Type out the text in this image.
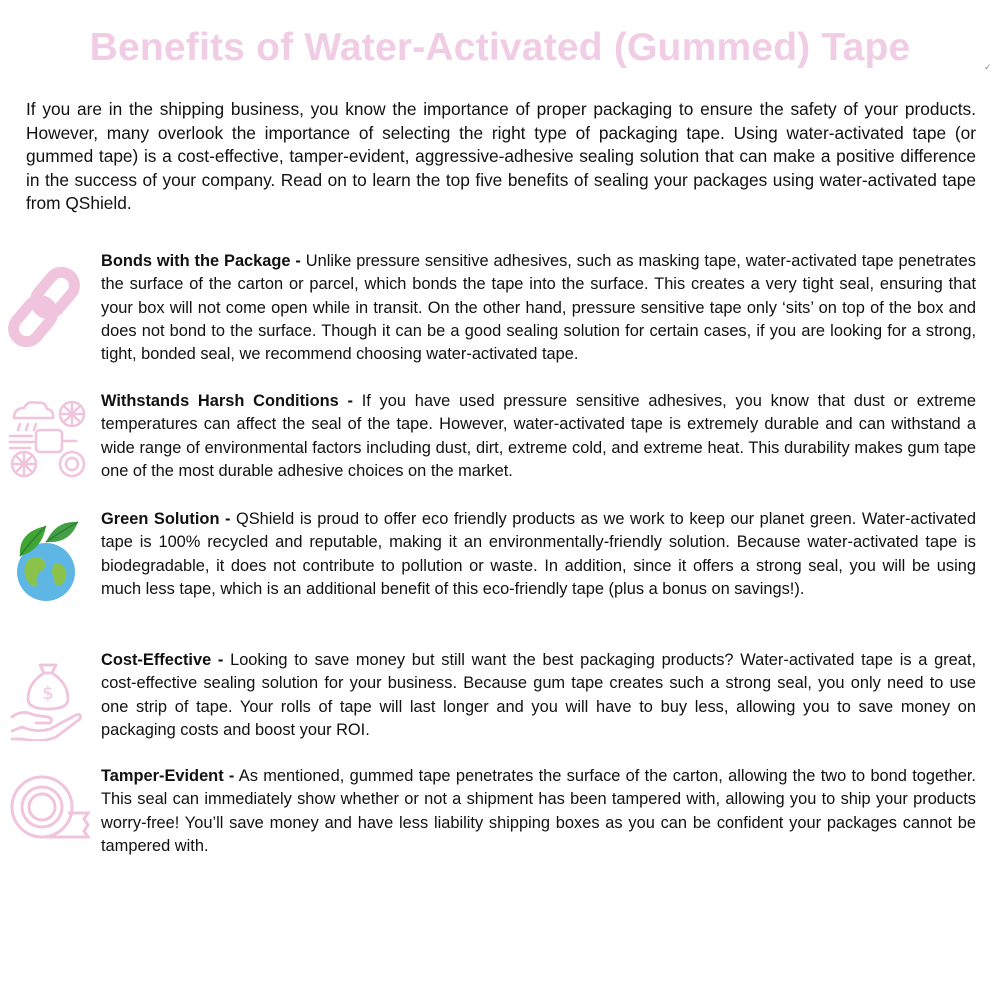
Benefits of Water-Activated (Gummed) Tape	✓

If you are in the shipping business, you know the importance of proper packaging to ensure the safety of your products. However, many overlook the importance of selecting the right type of packaging tape. Using water-activated tape (or gummed tape) is a cost-effective, tamper-evident, aggressive-adhesive sealing solution that can make a positive difference in the success of your company. Read on to learn the top five benefits of sealing your packages using water-activated tape from QShield.

Bonds with the Package - Unlike pressure sensitive adhesives, such as masking tape, water-activated tape penetrates the surface of the carton or parcel, which bonds the tape into the surface. This creates a very tight seal, ensuring that your box will not come open while in transit. On the other hand, pressure sensitive tape only ‘sits’ on top of the box and does not bond to the surface. Though it can be a good sealing solution for certain cases, if you are looking for a strong, tight, bonded seal, we recommend choosing water-activated tape.

Withstands Harsh Conditions - If you have used pressure sensitive adhesives, you know that dust or extreme temperatures can affect the seal of the tape. However, water-activated tape is extremely durable and can withstand a wide range of environmental factors including dust, dirt, extreme cold, and extreme heat. This durability makes gum tape one of the most durable adhesive choices on the market.

Green Solution - QShield is proud to offer eco friendly products as we work to keep our planet green. Water-activated tape is 100% recycled and reputable, making it an environmentally-friendly solution. Because water-activated tape is biodegradable, it does not contribute to pollution or waste. In addition, since it offers a strong seal, you will be using much less tape, which is an additional benefit of this eco-friendly tape (plus a bonus on savings!).

$

Cost-Effective - Looking to save money but still want the best packaging products? Water-activated tape is a great, cost-effective sealing solution for your business. Because gum tape creates such a strong seal, you only need to use one strip of tape. Your rolls of tape will last longer and you will have to buy less, allowing you to save money on packaging costs and boost your ROI.

Tamper-Evident - As mentioned, gummed tape penetrates the surface of the carton, allowing the two to bond together. This seal can immediately show whether or not a shipment has been tampered with, allowing you to ship your products worry-free! You’ll save money and have less liability shipping boxes as you can be confident your packages cannot be tampered with.
